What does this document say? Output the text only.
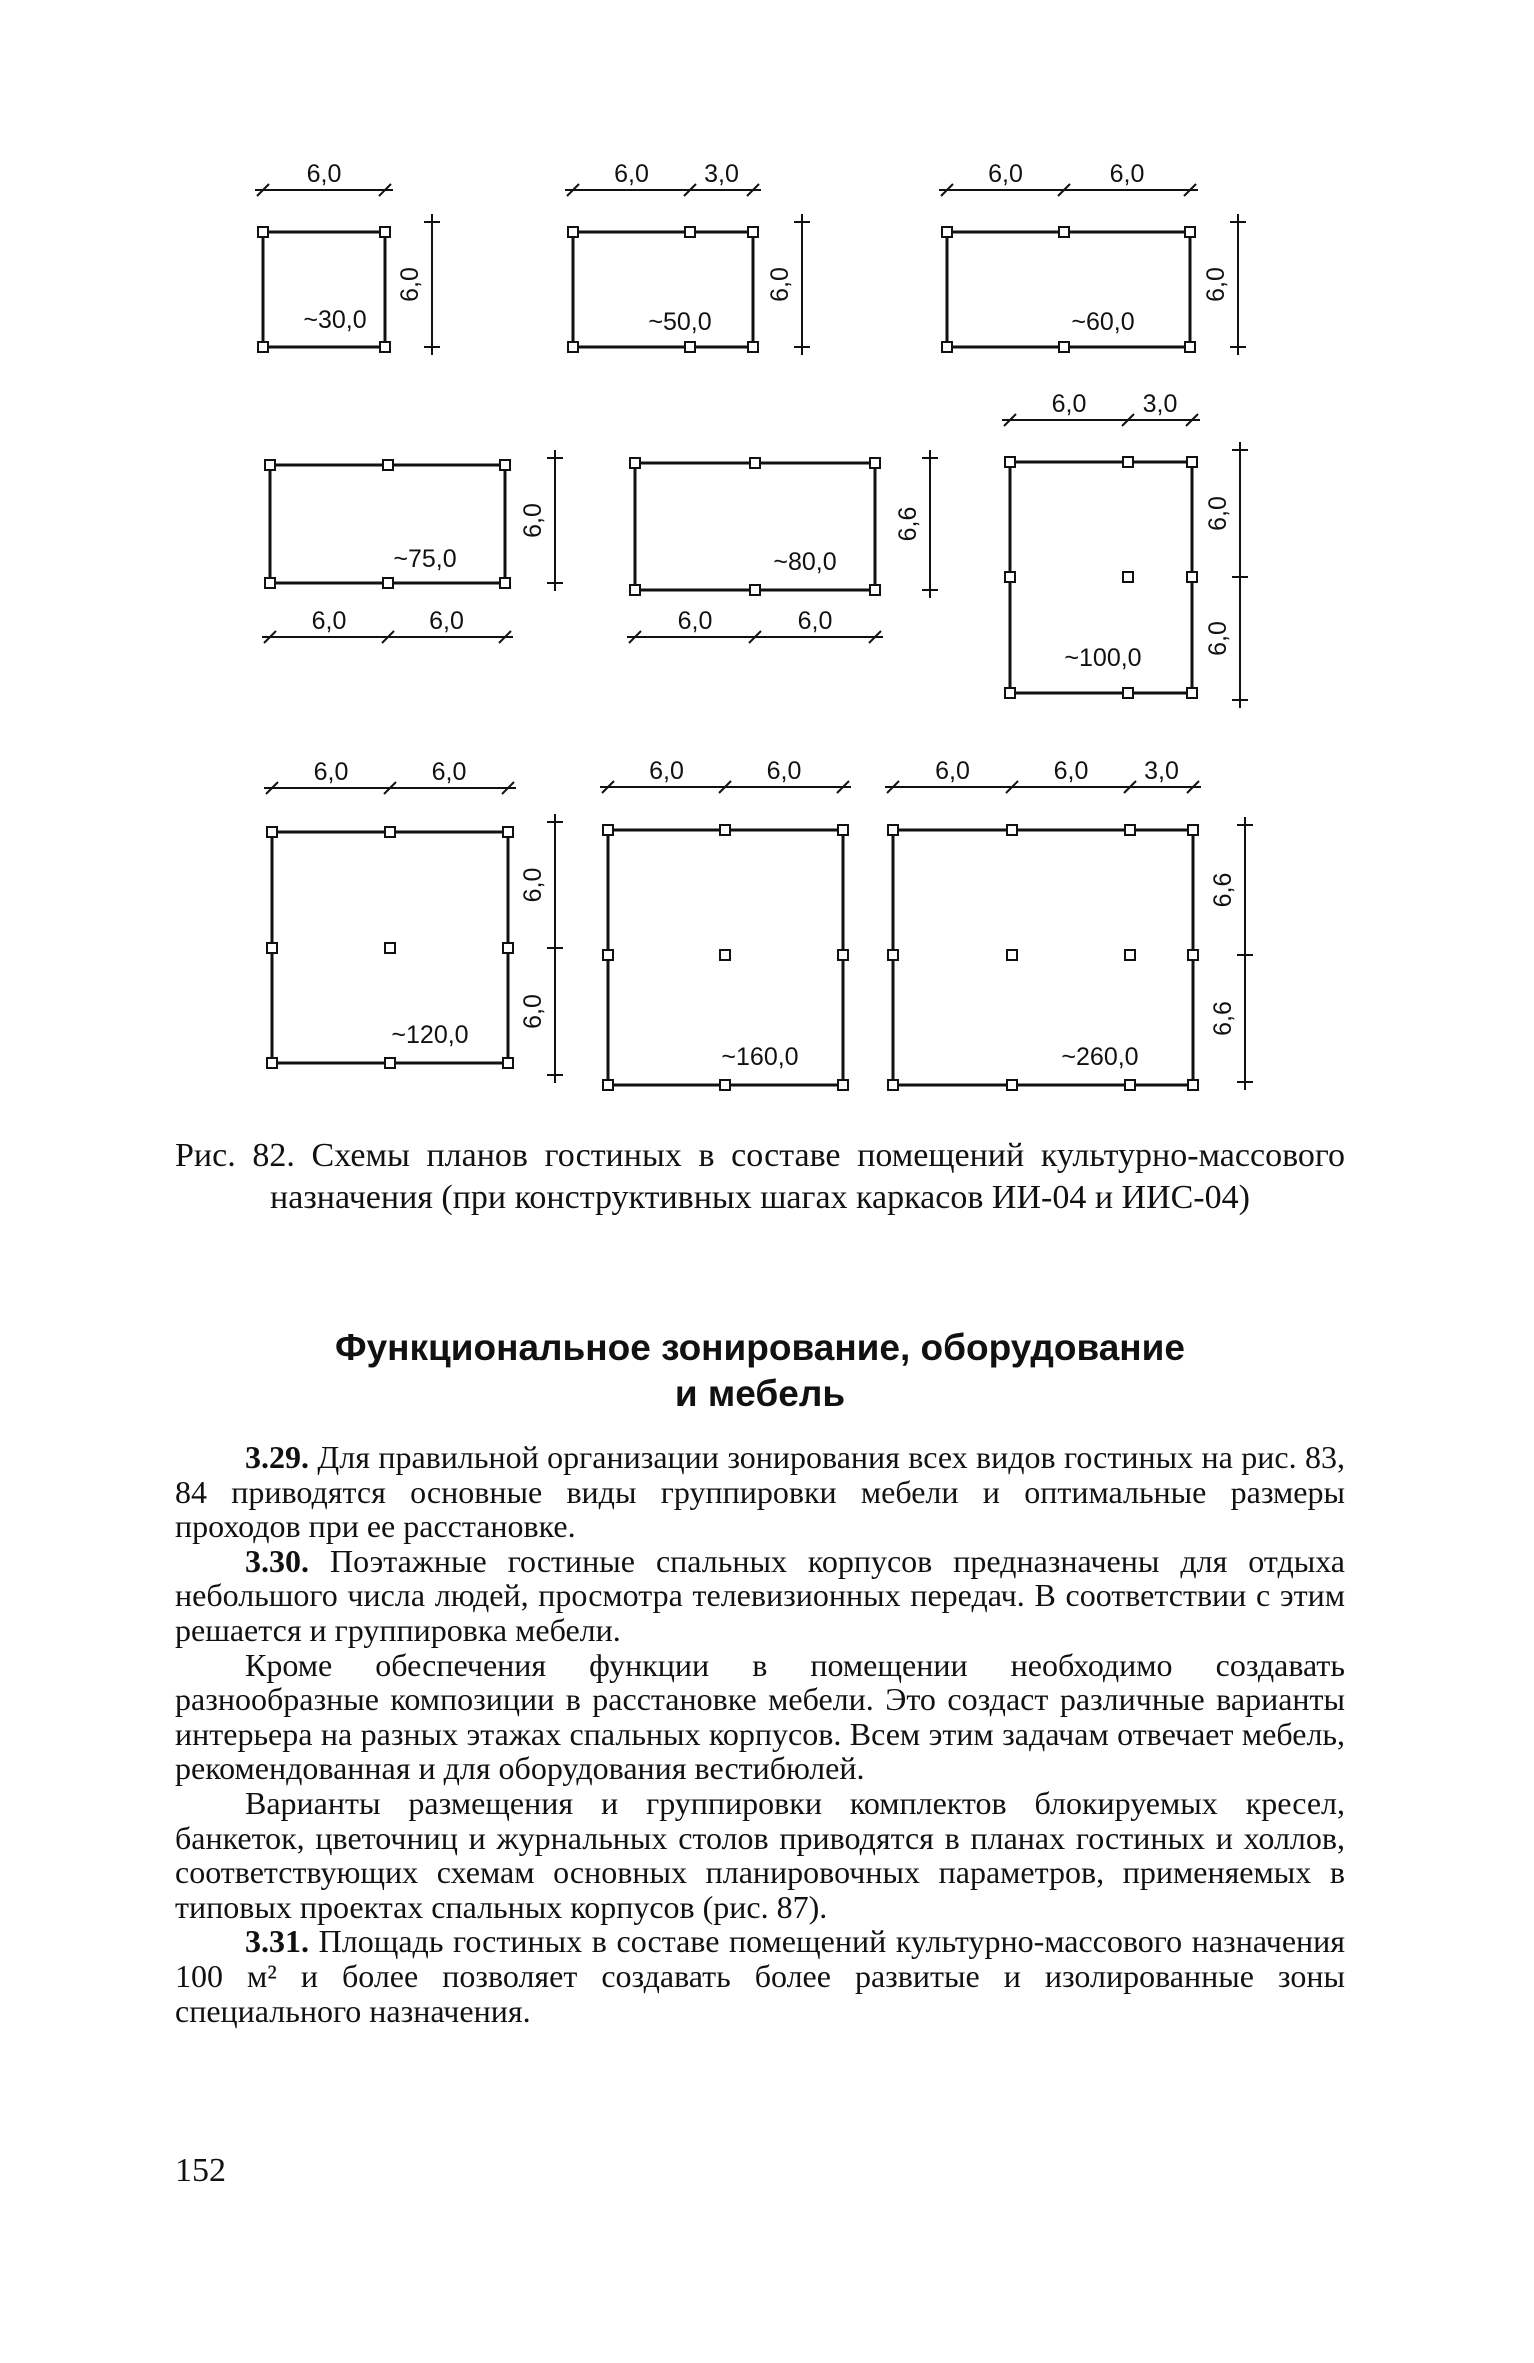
~30,0
6,0
6,0
~50,0
6,0 3,0
6,0
~60,0
6,0	6,0
6,0
~75,0
6,0	6,0
6,0
~80,0
6,0	6,0
6,6
~100,0
6,0 3,0
6,0
6,0
~120,0
6,0	6,0
6,0
6,0
~160,0
6,0	6,0
~260,0
6,0	6,0 3,0
6,6
6,6

Рис. 82. Схемы планов гостиных в составе помещений культурно-массового назначения (при конструктивных шагах каркасов ИИ-04 и ИИС-04)

Функциональное зонирование, оборудование
и мебель

3.29. Для правильной организации зонирования всех видов гостиных на рис. 83, 84 приводятся основные виды группировки мебели и оптимальные размеры проходов при ее расстановке.

3.30. Поэтажные гостиные спальных корпусов предназначены для отдыха небольшого числа людей, просмотра телевизионных передач. В соответствии с этим решается и группировка мебели.

Кроме обеспечения функции в помещении необходимо создавать разнообразные композиции в расстановке мебели. Это создаст различные варианты интерьера на разных этажах спальных корпусов. Всем этим задачам отвечает мебель, рекомендованная и для оборудования вестибюлей.

Варианты размещения и группировки комплектов блокируемых кресел, банкеток, цветочниц и журнальных столов приводятся в планах гостиных и холлов, соответствующих схемам основных планировочных параметров, применяемых в типовых проектах спальных корпусов (рис. 87).

3.31. Площадь гостиных в составе помещений культурно-массового назначения 100 м² и более позволяет создавать более развитые и изолированные зоны специального назначения.

152
